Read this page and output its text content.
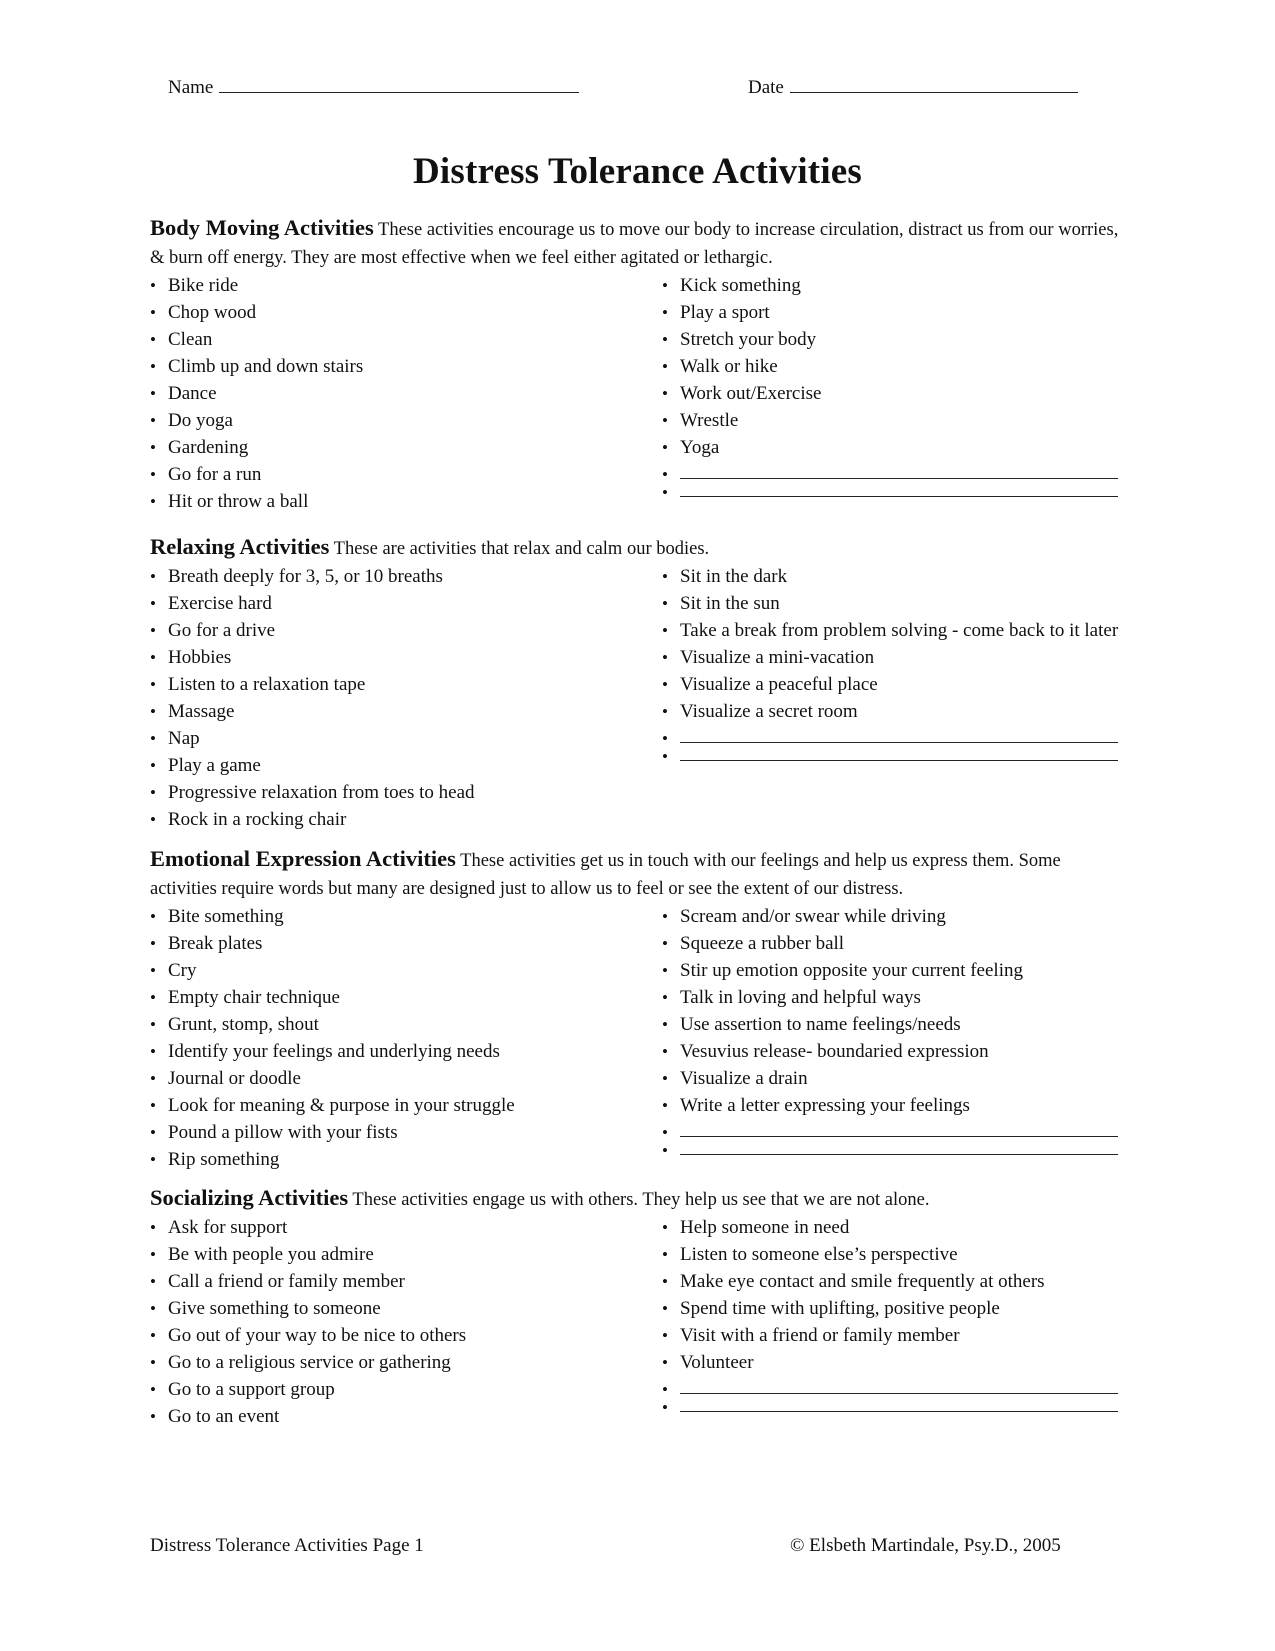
Name	Date
Distress Tolerance Activities

Body Moving Activities These activities encourage us to move our body to increase circulation, distract us from our worries, & burn off energy. They are most effective when we feel either agitated or lethargic.

• Bike ride
• Chop wood
• Clean
• Climb up and down stairs
• Dance
• Do yoga
• Gardening
• Go for a run
• Hit or throw a ball
• Kick something
• Play a sport
• Stretch your body
• Walk or hike
• Work out/Exercise
• Wrestle
• Yoga
•
•

Relaxing Activities These are activities that relax and calm our bodies.

• Breath deeply for 3, 5, or 10 breaths
• Exercise hard
• Go for a drive
• Hobbies
• Listen to a relaxation tape
• Massage
• Nap
• Play a game
• Progressive relaxation from toes to head
• Rock in a rocking chair
• Sit in the dark
• Sit in the sun
• Take a break from problem solving - come back to it later
• Visualize a mini-vacation
• Visualize a peaceful place
• Visualize a secret room
•
•

Emotional Expression Activities These activities get us in touch with our feelings and help us express them. Some activities require words but many are designed just to allow us to feel or see the extent of our distress.

• Bite something
• Break plates
• Cry
• Empty chair technique
• Grunt, stomp, shout
• Identify your feelings and underlying needs
• Journal or doodle
• Look for meaning & purpose in your struggle
• Pound a pillow with your fists
• Rip something
• Scream and/or swear while driving
• Squeeze a rubber ball
• Stir up emotion opposite your current feeling
• Talk in loving and helpful ways
• Use assertion to name feelings/needs
• Vesuvius release- boundaried expression
• Visualize a drain
• Write a letter expressing your feelings
•
•

Socializing Activities These activities engage us with others. They help us see that we are not alone.

• Ask for support
• Be with people you admire
• Call a friend or family member
• Give something to someone
• Go out of your way to be nice to others
• Go to a religious service or gathering
• Go to a support group
• Go to an event
• Help someone in need
• Listen to someone else’s perspective
• Make eye contact and smile frequently at others
• Spend time with uplifting, positive people
• Visit with a friend or family member
• Volunteer
•
•
Distress Tolerance Activities Page 1	© Elsbeth Martindale, Psy.D., 2005
